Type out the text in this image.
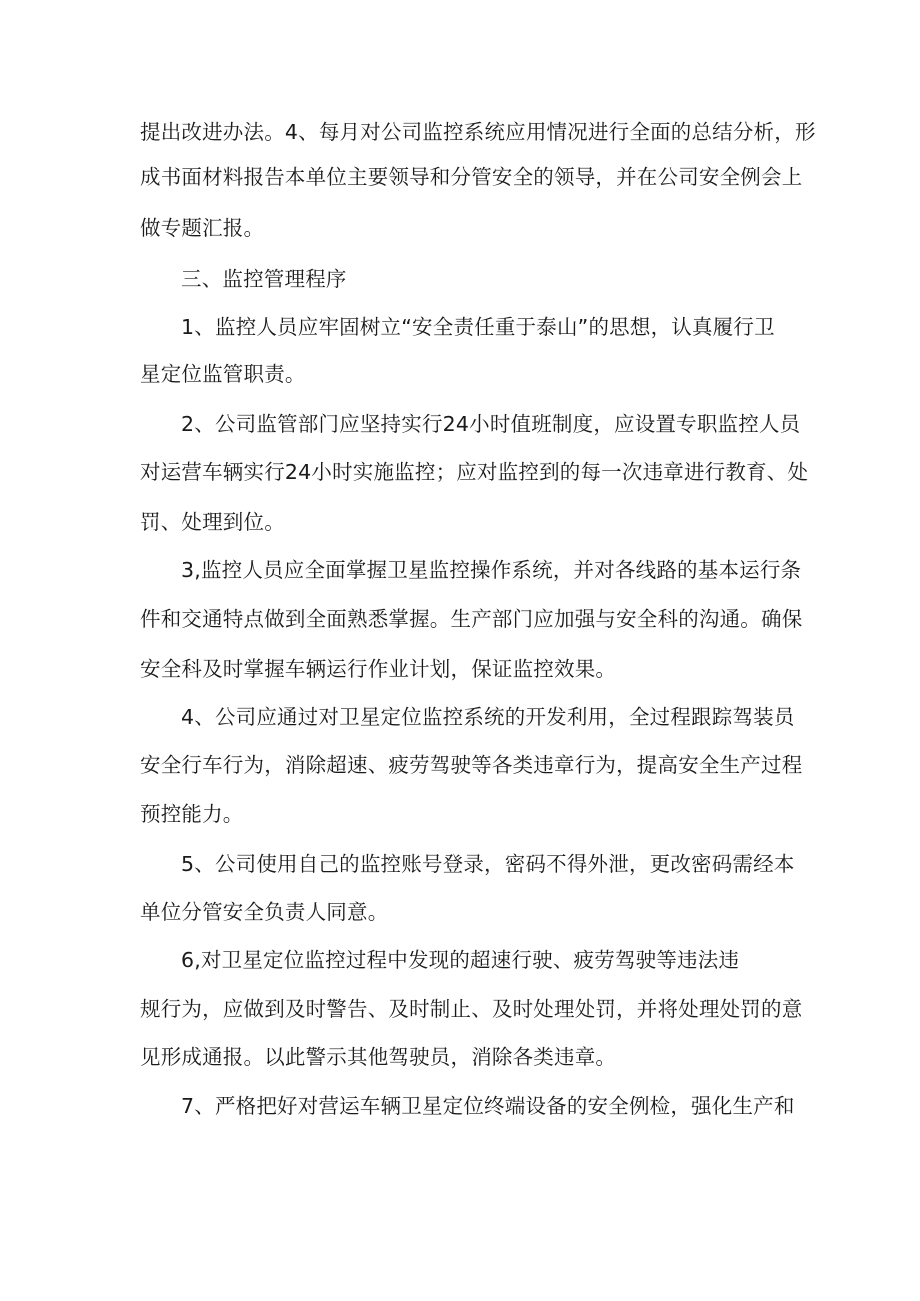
提出改进办法。4、每月对公司监控系统应用情况进行全面的总结分析，形
成书面材料报告本单位主要领导和分管安全的领导，并在公司安全例会上
做专题汇报。
三、监控管理程序
1、监控人员应牢固树立“安全责任重于泰山”的思想，认真履行卫
星定位监管职责。
2、公司监管部门应坚持实行24小时值班制度，应设置专职监控人员
对运营车辆实行24小时实施监控；应对监控到的每一次违章进行教育、处
罚、处理到位。
3,监控人员应全面掌握卫星监控操作系统，并对各线路的基本运行条
件和交通特点做到全面熟悉掌握。生产部门应加强与安全科的沟通。确保
安全科及时掌握车辆运行作业计划，保证监控效果。
4、公司应通过对卫星定位监控系统的开发利用，全过程跟踪驾装员
安全行车行为，消除超速、疲劳驾驶等各类违章行为，提高安全生产过程
预控能力。
5、公司使用自己的监控账号登录，密码不得外泄，更改密码需经本
单位分管安全负责人同意。
6,对卫星定位监控过程中发现的超速行驶、疲劳驾驶等违法违
规行为，应做到及时警告、及时制止、及时处理处罚，并将处理处罚的意
见形成通报。以此警示其他驾驶员，消除各类违章。
7、严格把好对营运车辆卫星定位终端设备的安全例检，强化生产和
